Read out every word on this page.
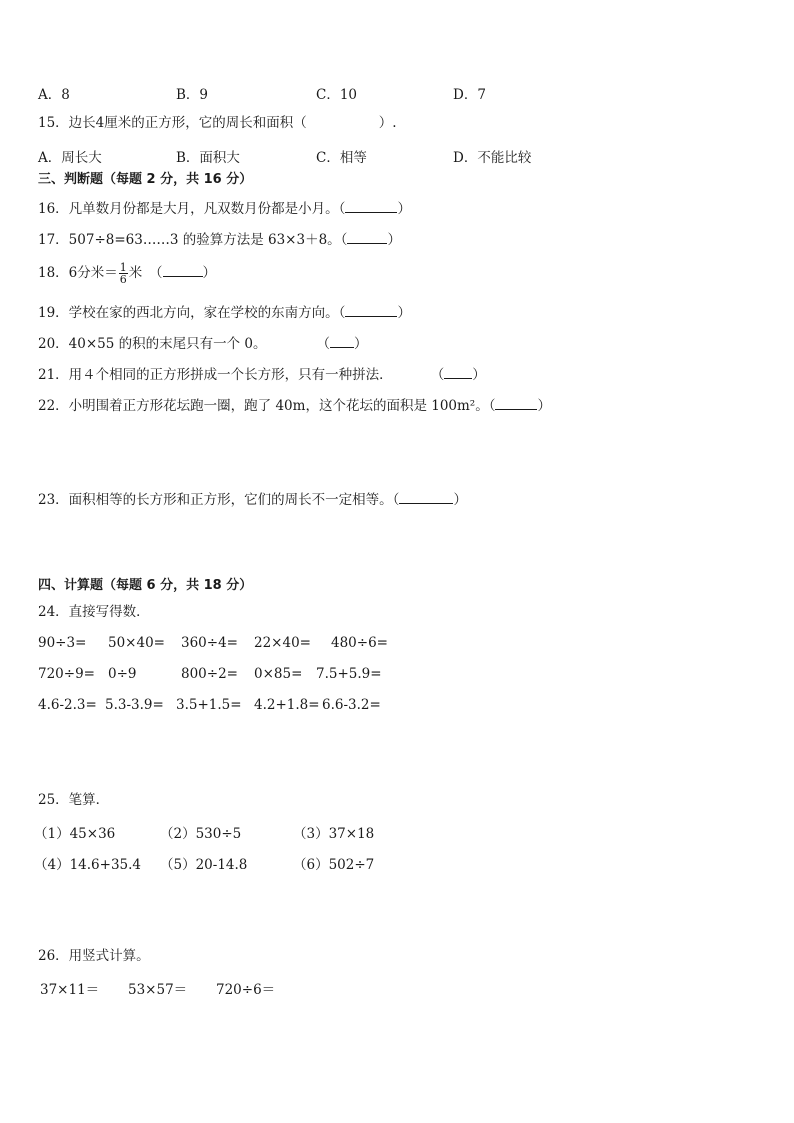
A．8	B．9	C．10	D．7
15．边长4厘米的正方形，它的周长和面积（	）.
A．周长大	B．面积大	C．相等	D．不能比较
三、判断题（每题 2 分，共 16 分）
16．凡单数月份都是大月，凡双数月份都是小月。（	）
17．507÷8=63……3 的验算方法是 63×3＋8。（	）
18．6分米＝ $\frac{1}{6}$ 米　（	）
19．学校在家的西北方向，家在学校的东南方向。（	）
20．40×55 的积的末尾只有一个 0。	（ ）
21．用４个相同的正方形拼成一个长方形，只有一种拼法．	（ ）
22．小明围着正方形花坛跑一圈，跑了 40m，这个花坛的面积是 100m²。（	）
23．面积相等的长方形和正方形，它们的周长不一定相等。（	）
四、计算题（每题 6 分，共 18 分）
24．直接写得数．
90÷3= 50×40= 360÷4= 22×40= 480÷6=
720÷9= 0÷9	800÷2= 0×85= 7.5+5.9=
4.6-2.3= 5.3-3.9= 3.5+1.5= 4.2+1.8= 6.6-3.2=
25．笔算．
（1）45×36	（2）530÷5	（3）37×18
（4）14.6+35.4 （5）20-14.8	（6）502÷7
26．用竖式计算。
37×11＝ 53×57＝ 720÷6＝
